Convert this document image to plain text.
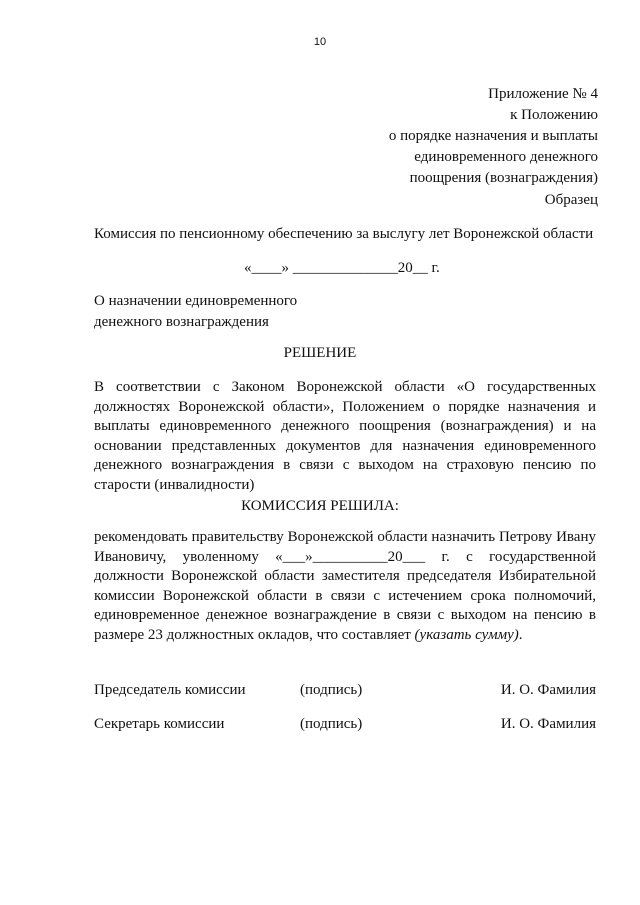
10
Приложение № 4
к Положению
о порядке назначения и выплаты
единовременного денежного
поощрения (вознаграждения)
Образец
Комиссия по пенсионному обеспечению за выслугу лет Воронежской области
«____» ______________20__ г.
О назначении единовременного
денежного вознаграждения
РЕШЕНИЕ
В соответствии с Законом Воронежской области «О государственных должностях Воронежской области», Положением о порядке назначения и выплаты единовременного денежного поощрения (вознаграждения) и на основании представленных документов для назначения единовременного денежного вознаграждения в связи с выходом на страховую пенсию по старости (инвалидности)
КОМИССИЯ РЕШИЛА:
рекомендовать правительству Воронежской области назначить Петрову Ивану Ивановичу, уволенному «___»__________20___ г. с государственной должности Воронежской области заместителя председателя Избирательной комиссии Воронежской области в связи с истечением срока полномочий, единовременное денежное вознаграждение в связи с выходом на пенсию в размере 23 должностных окладов, что составляет (указать сумму).
Председатель комиссии	(подпись)	И. О. Фамилия
Секретарь комиссии	(подпись)	И. О. Фамилия
